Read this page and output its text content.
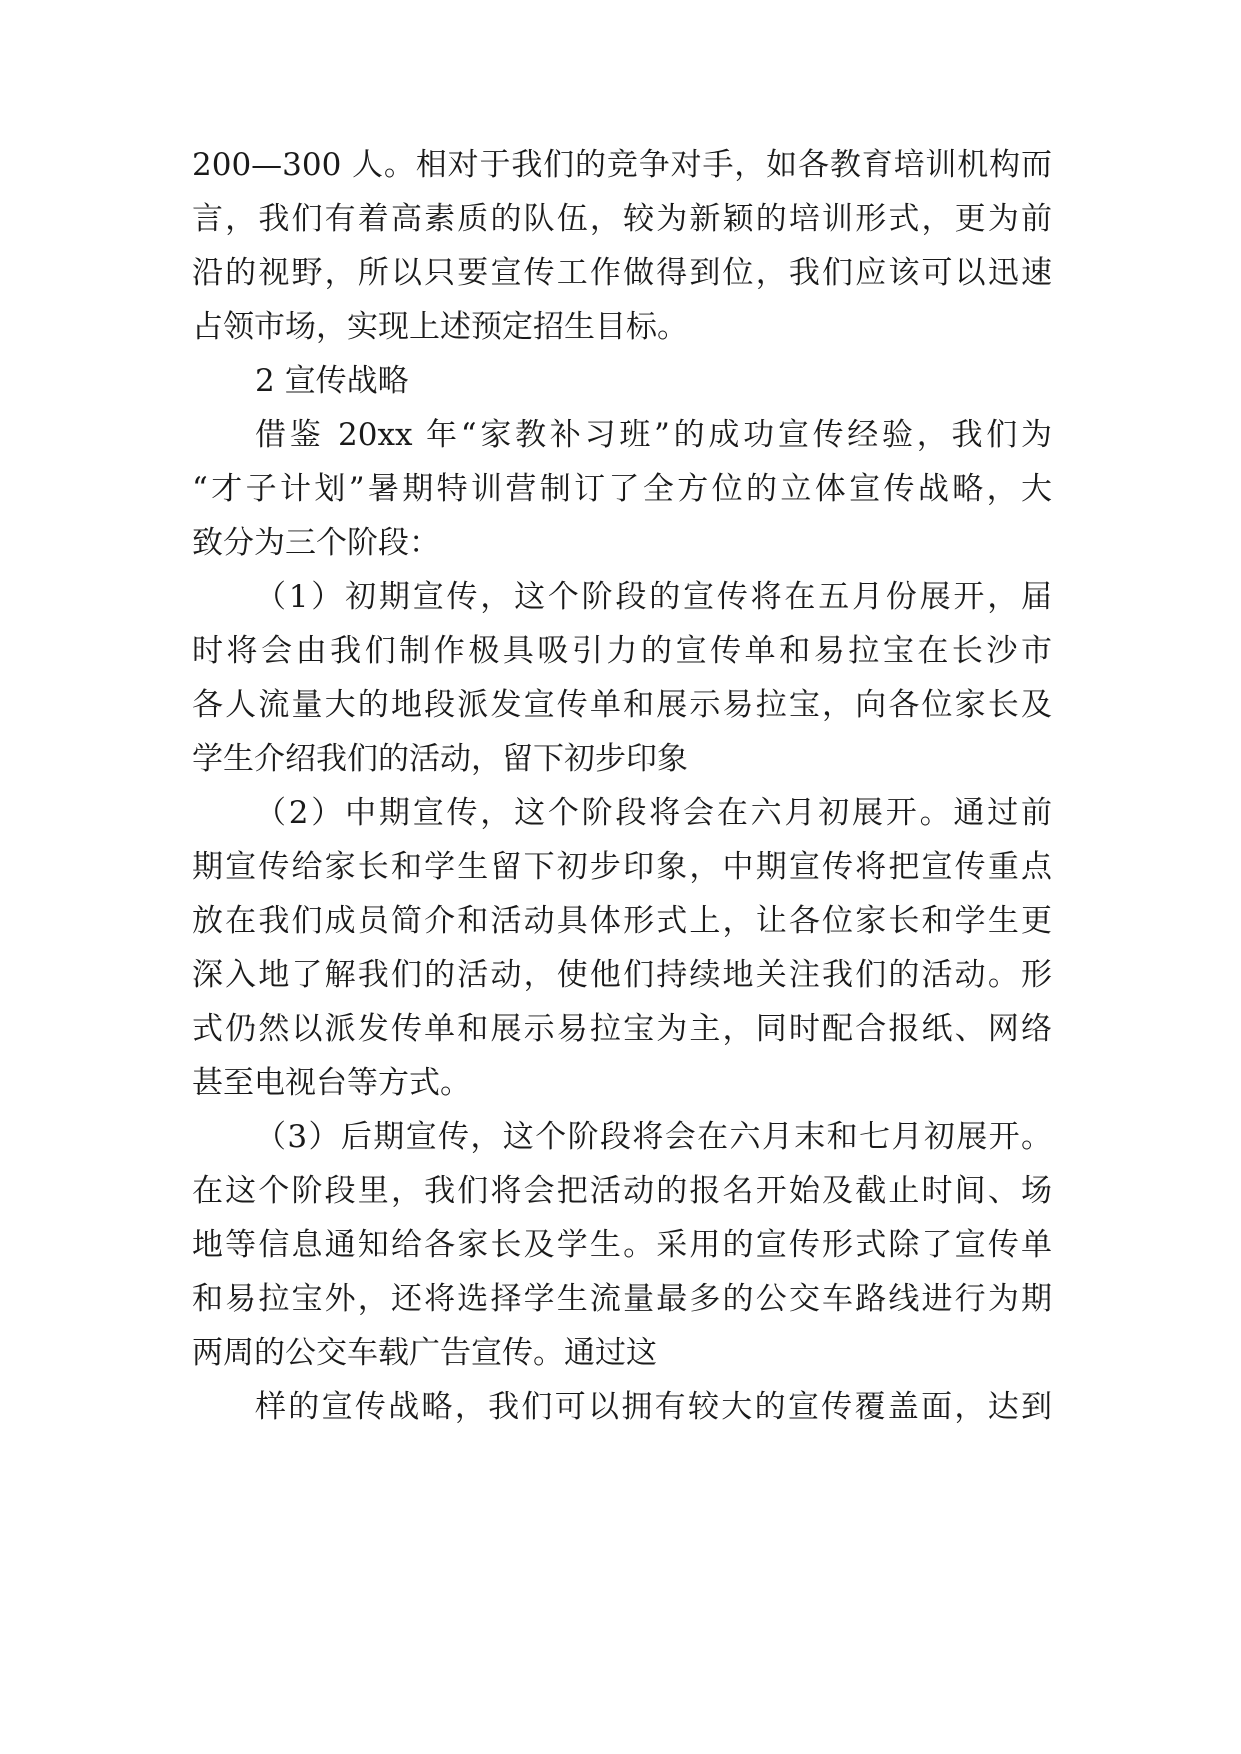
200—300 人。相对于我们的竞争对手，如各教育培训机构而
言，我们有着高素质的队伍，较为新颖的培训形式，更为前
沿的视野，所以只要宣传工作做得到位，我们应该可以迅速
占领市场，实现上述预定招生目标。
2 宣传战略
借鉴 20xx 年“家教补习班”的成功宣传经验，我们为
“才子计划”暑期特训营制订了全方位的立体宣传战略，大
致分为三个阶段：
（1）初期宣传，这个阶段的宣传将在五月份展开，届
时将会由我们制作极具吸引力的宣传单和易拉宝在长沙市
各人流量大的地段派发宣传单和展示易拉宝，向各位家长及
学生介绍我们的活动，留下初步印象
（2）中期宣传，这个阶段将会在六月初展开。通过前
期宣传给家长和学生留下初步印象，中期宣传将把宣传重点
放在我们成员简介和活动具体形式上，让各位家长和学生更
深入地了解我们的活动，使他们持续地关注我们的活动。形
式仍然以派发传单和展示易拉宝为主，同时配合报纸、网络
甚至电视台等方式。
（3）后期宣传，这个阶段将会在六月末和七月初展开。
在这个阶段里，我们将会把活动的报名开始及截止时间、场
地等信息通知给各家长及学生。采用的宣传形式除了宣传单
和易拉宝外，还将选择学生流量最多的公交车路线进行为期
两周的公交车载广告宣传。通过这
样的宣传战略，我们可以拥有较大的宣传覆盖面，达到
